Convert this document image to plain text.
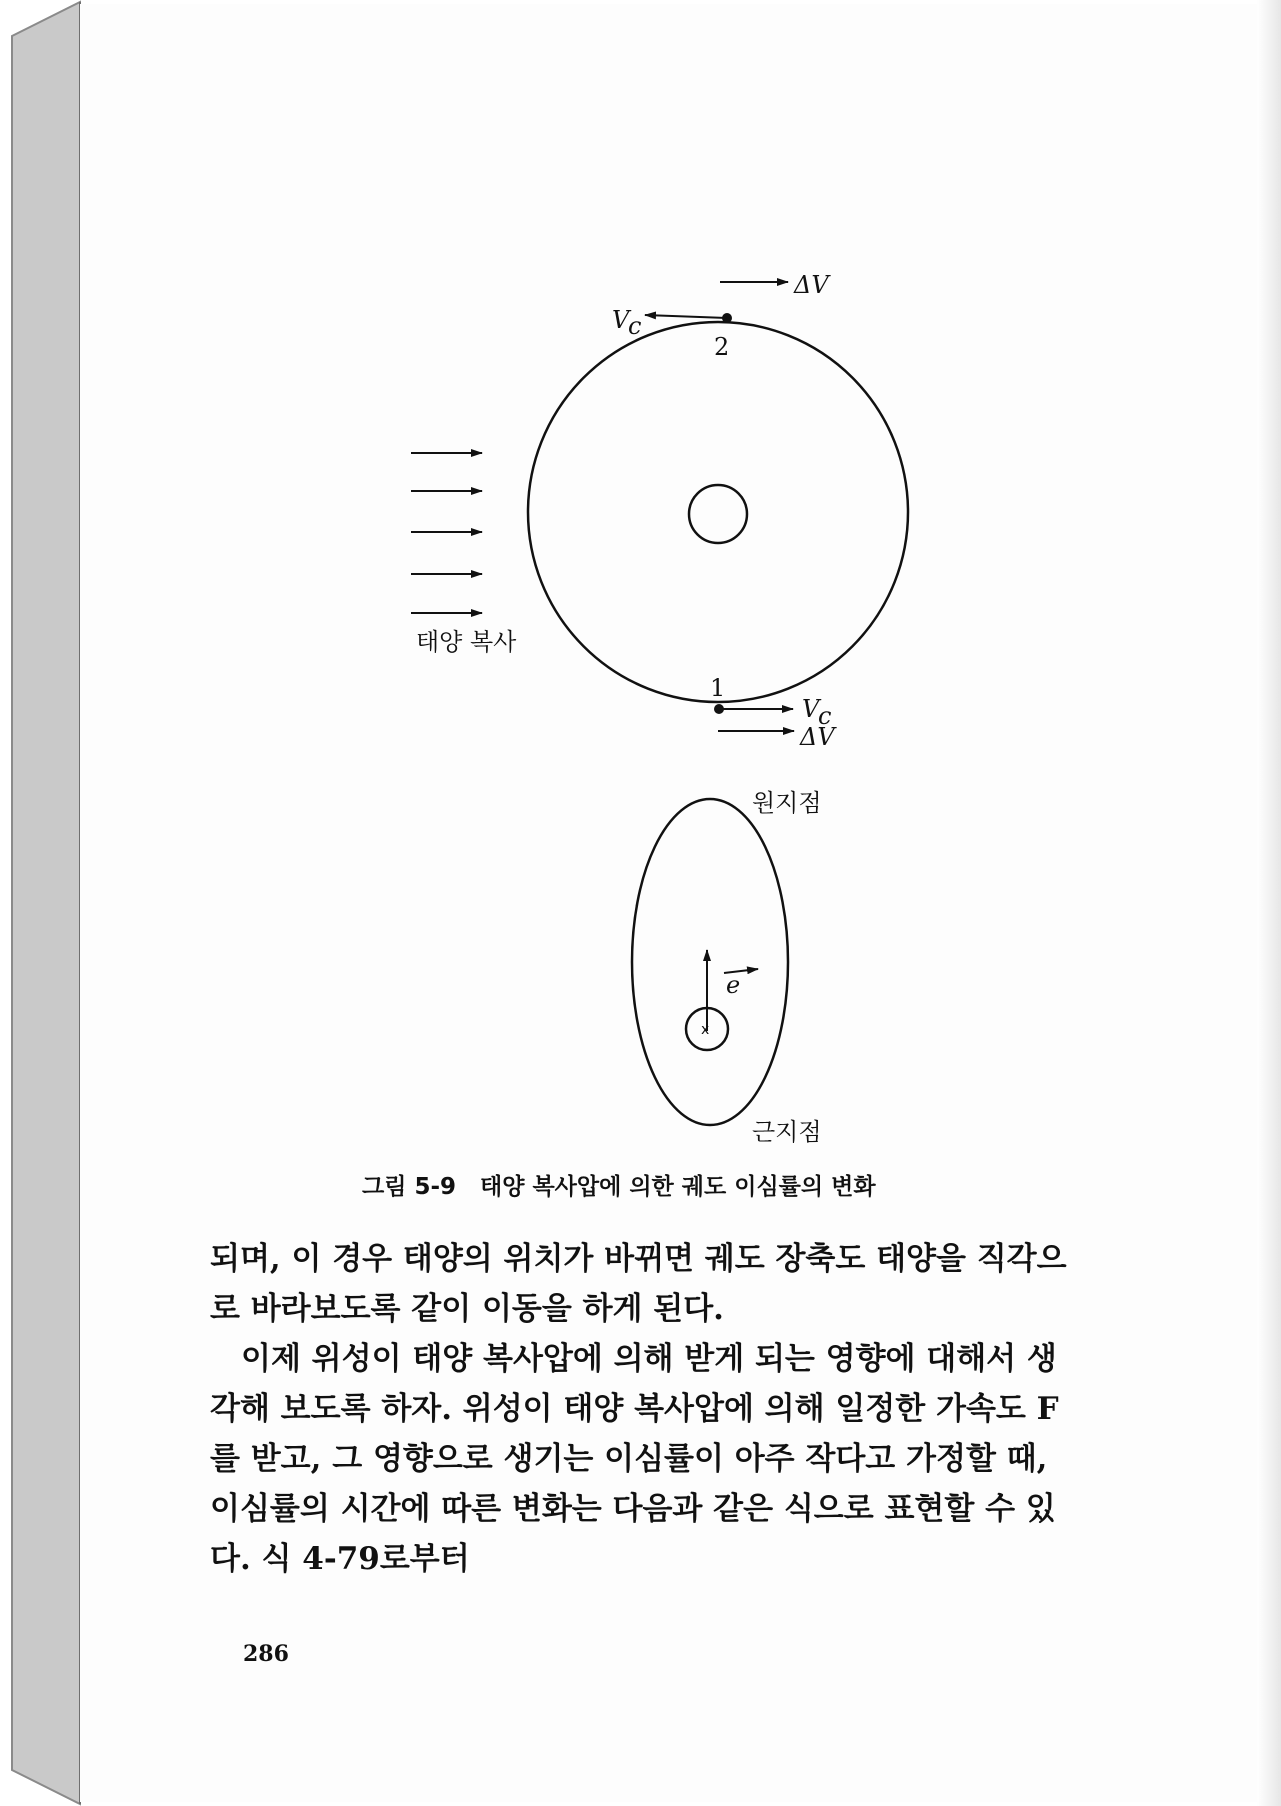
ΔV
V
c
2
1
V
c
ΔV
태양 복사
x
e
원지점
근지점
그림 5-9   태양 복사압에 의한 궤도 이심률의 변화
되며, 이 경우 태양의 위치가 바뀌면 궤도 장축도 태양을 직각으
로 바라보도록 같이 이동을 하게 된다.
이제 위성이 태양 복사압에 의해 받게 되는 영향에 대해서 생
각해 보도록 하자. 위성이 태양 복사압에 의해 일정한 가속도 F
를 받고, 그 영향으로 생기는 이심률이 아주 작다고 가정할 때,
이심률의 시간에 따른 변화는 다음과 같은 식으로 표현할 수 있
다. 식 4-79로부터
286
